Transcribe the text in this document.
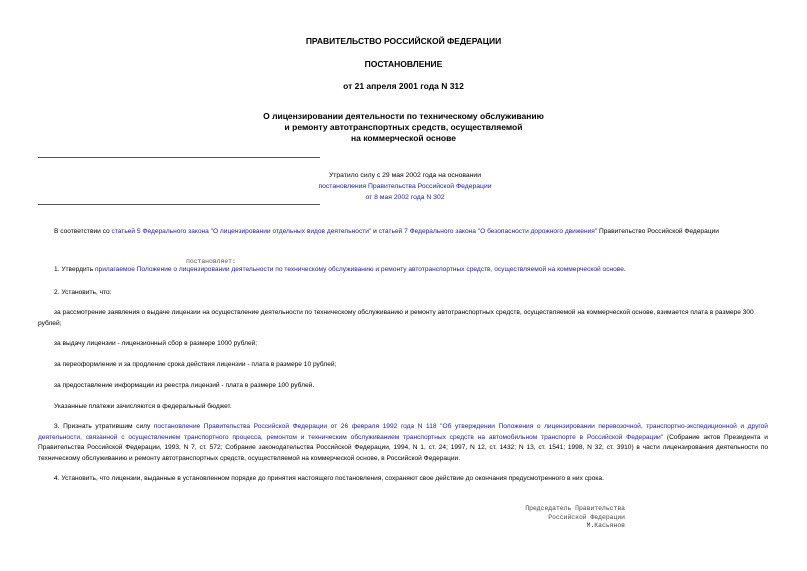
ПРАВИТЕЛЬСТВО РОССИЙСКОЙ ФЕДЕРАЦИИ
ПОСТАНОВЛЕНИЕ
от 21 апреля 2001 года N 312
О лицензировании деятельности по техническому обслуживанию
и ремонту автотранспортных средств, осуществляемой
на коммерческой основе
Утратило силу с 29 мая 2002 года на основании
постановления Правительства Российской Федерации
от 8 мая 2002 года N 302
В соответствии со статьей 5 Федерального закона "О лицензировании отдельных видов деятельности" и статьей 7 Федерального закона "О безопасности дорожного движения" Правительство Российской Федерации
постановляет:
1. Утвердить прилагаемое Положение о лицензировании деятельности по техническому обслуживанию и ремонту автотранспортных средств, осуществляемой на коммерческой основе.
2. Установить, что:
за рассмотрение заявления о выдаче лицензии на осуществление деятельности по техническому обслуживанию и ремонту автотранспортных средств, осуществляемой на коммерческой основе, взимается плата в размере 300 рублей;
за выдачу лицензии - лицензионный сбор в размере 1000 рублей;
за переоформление и за продление срока действия лицензии - плата в размере 10 рублей;
за предоставление информации из реестра лицензий - плата в размере 100 рублей.
Указанные платежи зачисляются в федеральный бюджет.
3. Признать утратившим силу постановление Правительства Российской Федерации от 26 февраля 1992 года N 118 "Об утверждении Положения о лицензировании перевозочной, транспортно-экспедиционной и другой деятельности, связанной с осуществлением транспортного процесса, ремонтом и техническим обслуживанием транспортных средств на автомобильном транспорте в Российской Федерации" (Собрание актов Президента и Правительства Российской Федерации, 1993, N 7, ст. 572; Собрание законодательства Российской Федерации, 1994, N 1, ст. 24; 1997, N 12, ст. 1432; N 13, ст. 1541; 1998, N 32, ст. 3910) в части лицензирования деятельности по техническому обслуживанию и ремонту автотранспортных средств, осуществляемой на коммерческой основе, в Российской Федерации.
4. Установить, что лицензии, выданные в установленном порядке до принятия настоящего постановления, сохраняют свое действие до окончания предусмотренного в них срока.
Председатель Правительства
Российской Федерации
М.Касьянов
